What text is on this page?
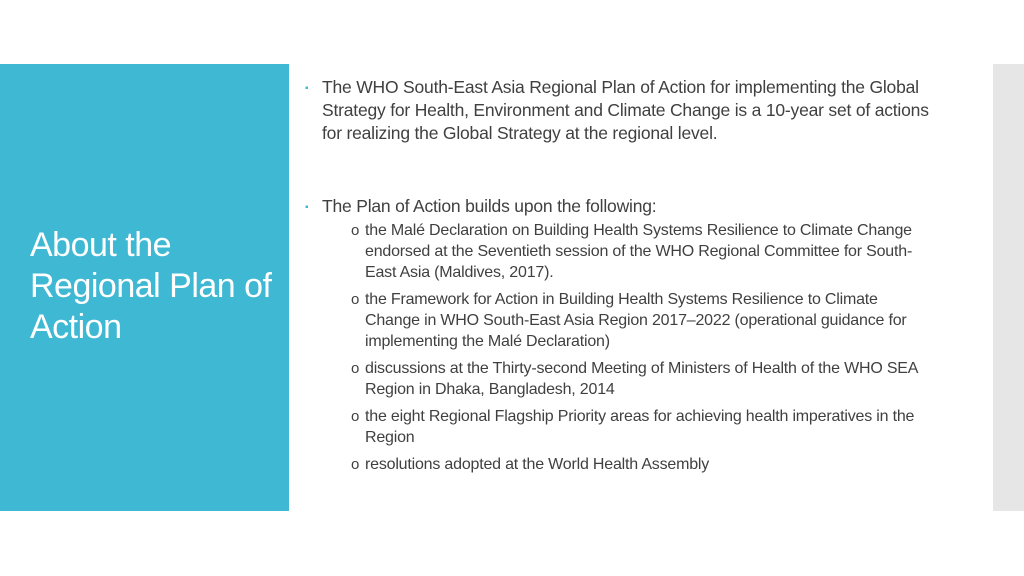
About the Regional Plan of Action
▪ The WHO South-East Asia Regional Plan of Action for implementing the Global Strategy for Health, Environment and Climate Change is a 10-year set of actions for realizing the Global Strategy at the regional level.
▪ The Plan of Action builds upon the following:
o the Malé Declaration on Building Health Systems Resilience to Climate Change endorsed at the Seventieth session of the WHO Regional Committee for South-East Asia (Maldives, 2017).
o the Framework for Action in Building Health Systems Resilience to Climate Change in WHO South-East Asia Region 2017–2022 (operational guidance for implementing the Malé Declaration)
o discussions at the Thirty-second Meeting of Ministers of Health of the WHO SEA Region in Dhaka, Bangladesh, 2014
o the eight Regional Flagship Priority areas for achieving health imperatives in the Region
o resolutions adopted at the World Health Assembly
